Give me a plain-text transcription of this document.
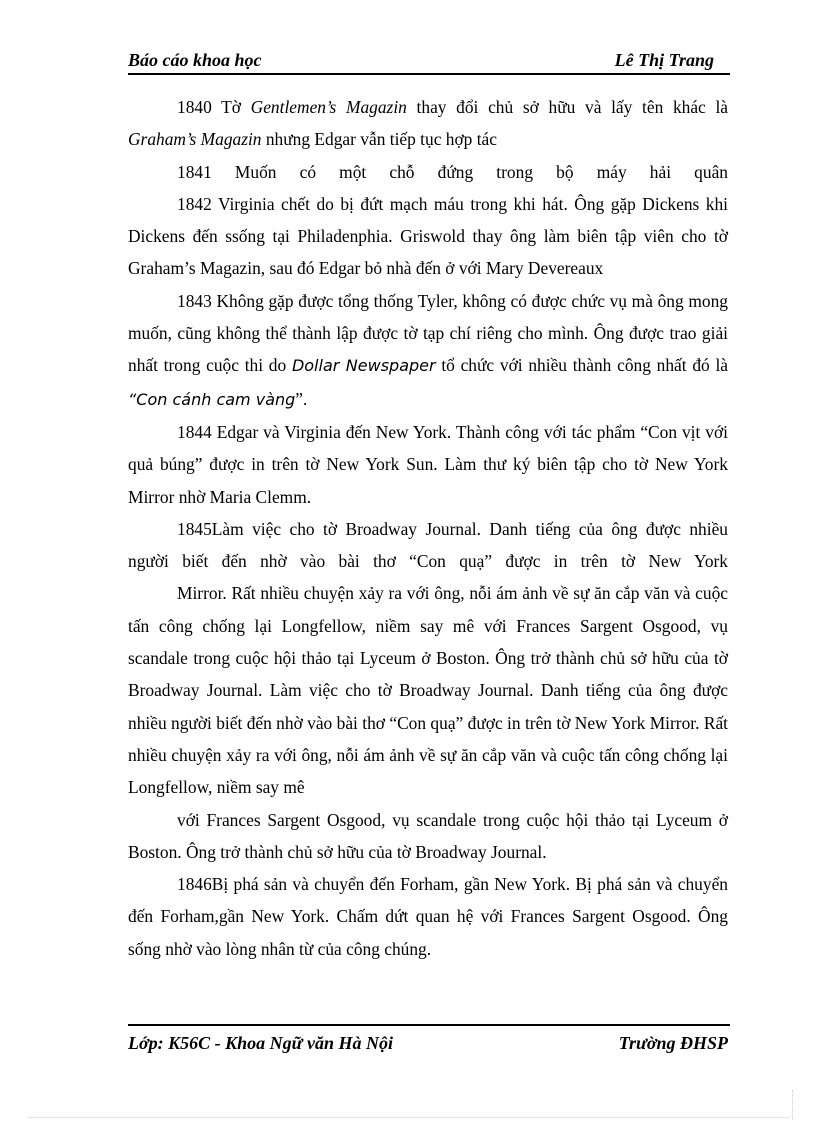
Báo cáo khoa học	Lê Thị Trang

1840 Tờ Gentlemen’s Magazin thay đổi chủ sở hữu và lấy tên khác là Graham’s Magazin nhưng Edgar vẫn tiếp tục hợp tác

1841 Muốn có một chỗ đứng trong bộ máy hải quân

1842 Virginia chết do bị đứt mạch máu trong khi hát. Ông gặp Dickens khi Dickens đến ssống tại Philadenphia. Griswold thay ông làm biên tập viên cho tờ Graham’s Magazin, sau đó Edgar bỏ nhà đến ở với Mary Devereaux

1843 Không gặp được tổng thống Tyler, không có được chức vụ mà ông mong muốn, cũng không thể thành lập được tờ tạp chí riêng cho mình. Ông được trao giải nhất trong cuộc thi do Dollar Newspaper tổ chức với nhiều thành công nhất đó là “Con cánh cam vàng”.

1844 Edgar và Virginia đến New York. Thành công với tác phẩm “Con vịt với quả búng” được in trên tờ New York Sun. Làm thư ký biên tập cho tờ New York Mirror nhờ Maria Clemm.

1845Làm việc cho tờ Broadway Journal. Danh tiếng của ông được nhiều người biết đến nhờ vào bài thơ “Con quạ” được in trên tờ New York

Mirror. Rất nhiều chuyện xảy ra với ông, nỗi ám ảnh về sự ăn cắp văn và cuộc tấn công chống lại Longfellow, niềm say mê với Frances Sargent Osgood, vụ scandale trong cuộc hội thảo tại Lyceum ở Boston. Ông trở thành chủ sở hữu của tờ Broadway Journal. Làm việc cho tờ Broadway Journal. Danh tiếng của ông được nhiều người biết đến nhờ vào bài thơ “Con quạ” được in trên tờ New York Mirror. Rất nhiều chuyện xảy ra với ông, nỗi ám ảnh về sự ăn cắp văn và cuộc tấn công chống lại Longfellow, niềm say mê

với Frances Sargent Osgood, vụ scandale trong cuộc hội thảo tại Lyceum ở Boston. Ông trở thành chủ sở hữu của tờ Broadway Journal.

1846Bị phá sản và chuyển đến Forham, gần New York. Bị phá sản và chuyển đến Forham,gần New York. Chấm dứt quan hệ với Frances Sargent Osgood. Ông sống nhờ vào lòng nhân từ của công chúng.

Lớp: K56C - Khoa Ngữ văn Hà Nội	Trường ĐHSP
